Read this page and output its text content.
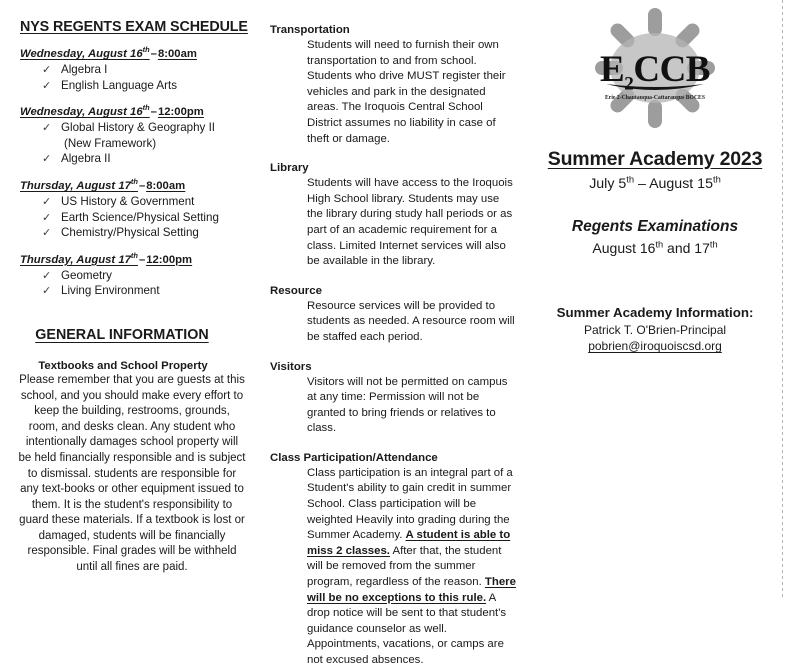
NYS REGENTS EXAM SCHEDULE
Wednesday, August 16th–8:00am
✓ Algebra I
✓ English Language Arts
Wednesday, August 16th–12:00pm
✓ Global History & Geography II
(New Framework)
✓ Algebra II
Thursday, August 17th–8:00am
✓ US History & Government
✓ Earth Science/Physical Setting
✓ Chemistry/Physical Setting
Thursday, August 17th–12:00pm
✓ Geometry
✓ Living Environment
GENERAL INFORMATION
Textbooks and School Property
Please remember that you are guests at this school, and you should make every effort to keep the building, restrooms, grounds, room, and desks clean. Any student who intentionally damages school property will be held financially responsible and is subject to dismissal. students are responsible for any text-books or other equipment issued to them. It is the student's responsibility to guard these materials. If a textbook is lost or damaged, students will be financially responsible. Final grades will be withheld until all fines are paid.
Transportation
Students will need to furnish their own transportation to and from school. Students who drive MUST register their vehicles and park in the designated areas. The Iroquois Central School District assumes no liability in case of theft or damage.
Library
Students will have access to the Iroquois High School library. Students may use the library during study hall periods or as part of an academic requirement for a class. Limited Internet services will also be available in the library.
Resource
Resource services will be provided to students as needed. A resource room will be staffed each period.
Visitors
Visitors will not be permitted on campus at any time: Permission will not be granted to bring friends or relatives to class.
Class Participation/Attendance
Class participation is an integral part of a Student's ability to gain credit in summer School. Class participation will be weighted Heavily into grading during the Summer Academy. A student is able to miss 2 classes. After that, the student will be removed from the summer program, regardless of the reason. There will be no exceptions to this rule. A drop notice will be sent to that student's guidance counselor as well. Appointments, vacations, or camps are not excused absences.
$E_2CCB$
Erie 2-Chautauqua-Cattaraugus BOCES
Summer Academy 2023
July 5th – August 15th
Regents Examinations
August 16th and 17th
Summer Academy Information:
Patrick T. O'Brien-Principal
pobrien@iroquoiscsd.org
